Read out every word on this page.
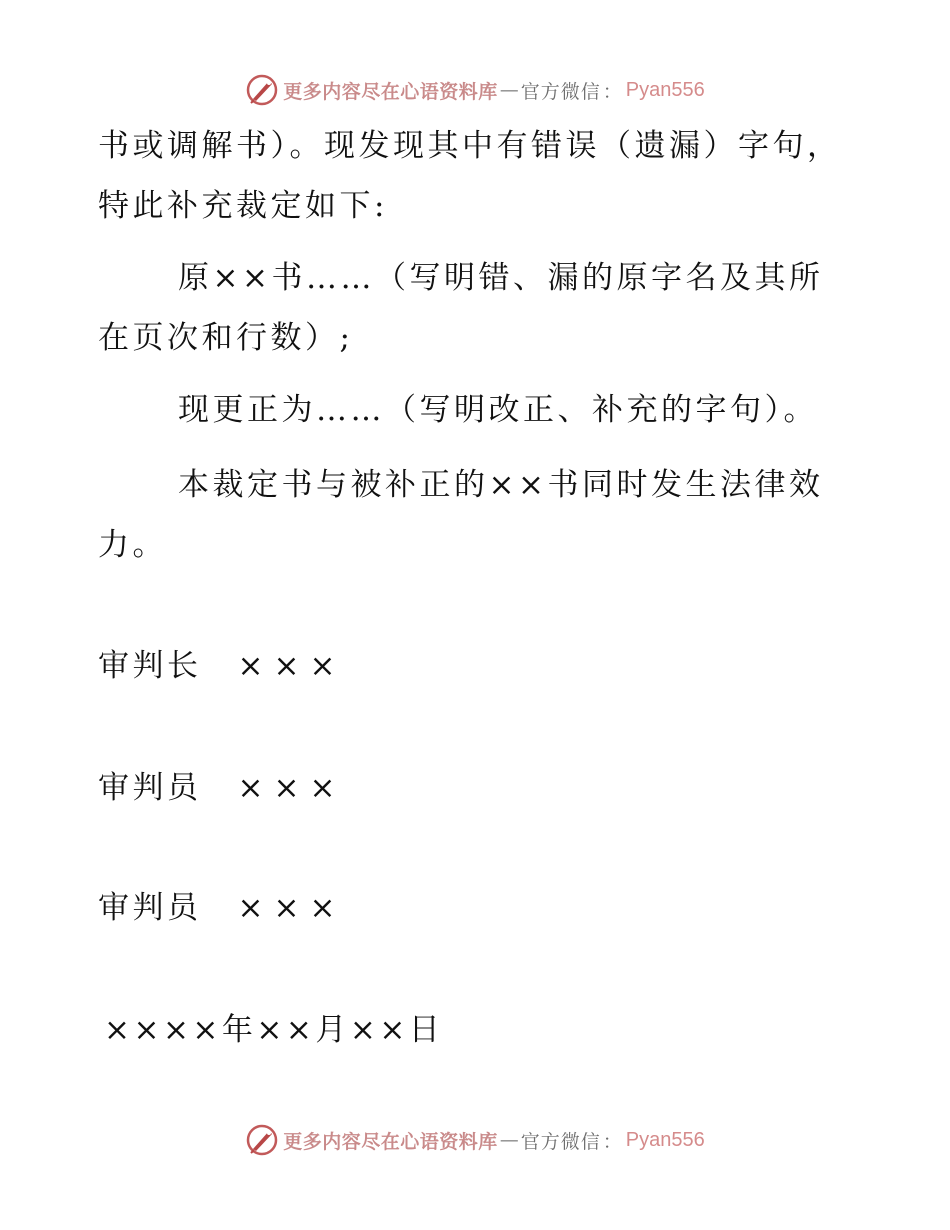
更多内容尽在心语资料库 — 官方微信 ： Pyan556
书或调解书）。现发现其中有错误（遗漏）字句，
特此补充裁定如下:
原××书……（写明错、漏的原字名及其所
在页次和行数）;
现更正为……（写明改正、补充的字句）。
本裁定书与被补正的××书同时发生法律效
力。
审判长 ×××
审判员 ×××
审判员 ×××
××××年××月××日
更多内容尽在心语资料库 — 官方微信 ： Pyan556
